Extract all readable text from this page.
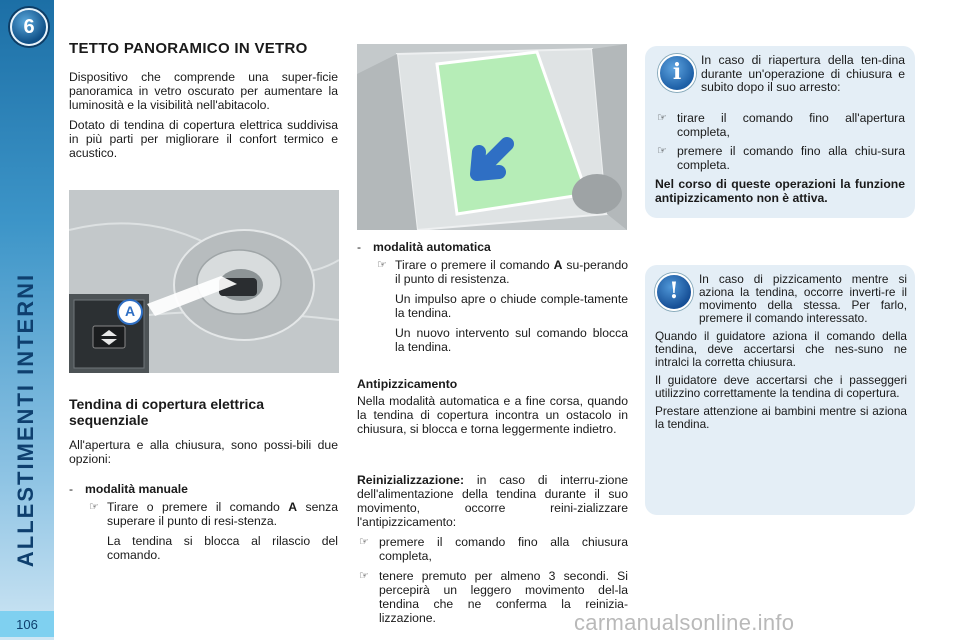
6
ALLESTIMENTI INTERNI
106
TETTO PANORAMICO IN VETRO

Dispositivo che comprende una super-ficie panoramica in vetro oscurato per aumentare la luminosità e la visibilità nell'abitacolo.

Dotato di tendina di copertura elettrica suddivisa in più parti per migliorare il confort termico e acustico.

A
Tendina di copertura elettrica sequenziale

All'apertura e alla chiusura, sono possi-bili due opzioni:

- modalità manuale
☞ Tirare o premere il comando A senza superare il punto di resi-stenza.

La tendina si blocca al rilascio del comando.

- modalità automatica
☞ Tirare o premere il comando A su-perando il punto di resistenza.

Un impulso apre o chiude comple-tamente la tendina.

Un nuovo intervento sul comando blocca la tendina.

Antipizzicamento

Nella modalità automatica e a fine corsa, quando la tendina di copertura incontra un ostacolo in chiusura, si blocca e torna leggermente indietro.

Reinizializzazione: in caso di interru-zione dell'alimentazione della tendina durante il suo movimento, occorre reini-zializzare l'antipizzicamento:

☞ premere il comando fino alla chiusura completa,
☞ tenere premuto per almeno 3 secondi. Si percepirà un leggero movimento del-la tendina che ne conferma la reinizia-lizzazione.
i In caso di riapertura della ten-dina durante un'operazione di chiusura e subito dopo il suo arresto:

☞ tirare il comando fino all'apertura completa,
☞ premere il comando fino alla chiu-sura completa.

Nel corso di queste operazioni la funzione antipizzicamento non è attiva.

! In caso di pizzicamento mentre si aziona la tendina, occorre inverti-re il movimento della stessa. Per farlo, premere il comando interessato.

Quando il guidatore aziona il comando della tendina, deve accertarsi che nes-suno ne intralci la corretta chiusura.

Il guidatore deve accertarsi che i passeggeri utilizzino correttamente la tendina di copertura.

Prestare attenzione ai bambini mentre si aziona la tendina.

carmanualsonline.info
